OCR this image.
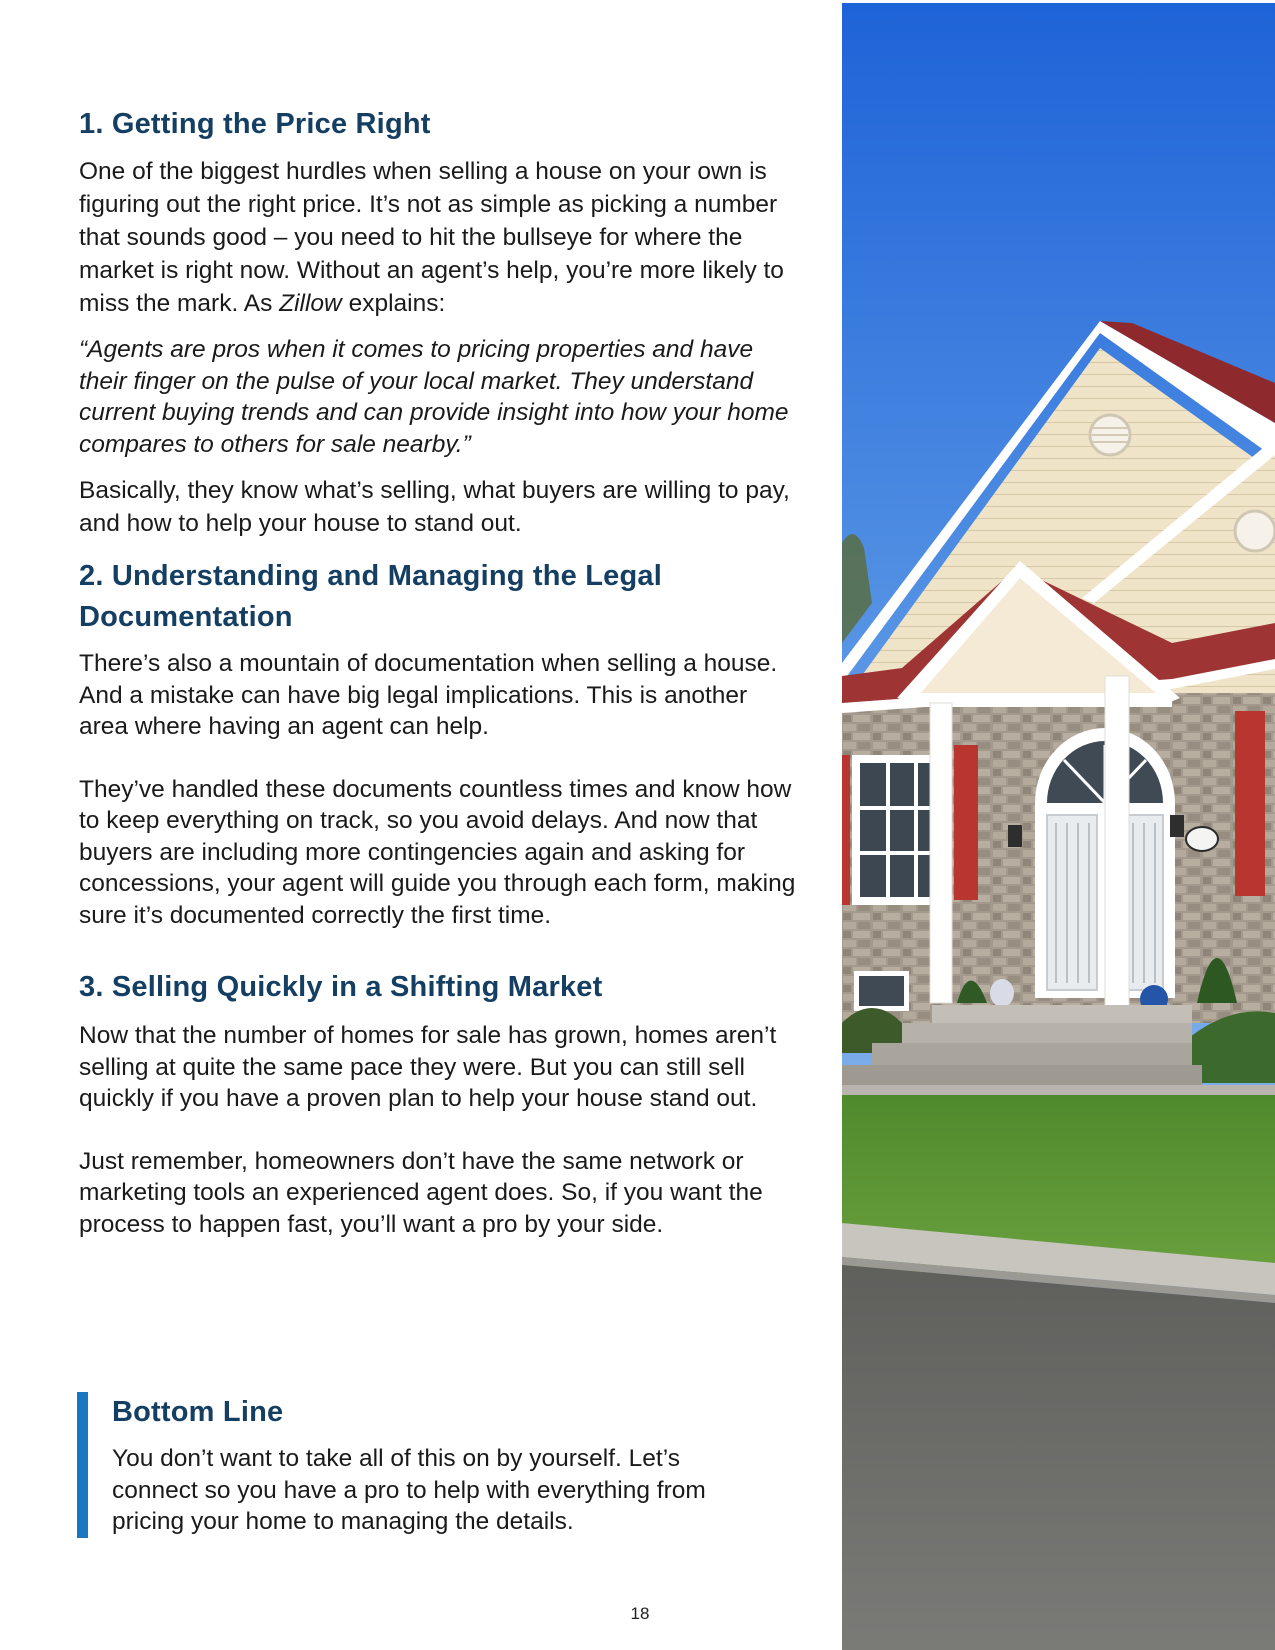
1. Getting the Price Right

One of the biggest hurdles when selling a house on your own is figuring out the right price. It’s not as simple as picking a number that sounds good – you need to hit the bullseye for where the market is right now. Without an agent’s help, you’re more likely to miss the mark. As Zillow explains:

“Agents are pros when it comes to pricing properties and have their finger on the pulse of your local market. They understand current buying trends and can provide insight into how your home compares to others for sale nearby.”

Basically, they know what’s selling, what buyers are willing to pay, and how to help your house to stand out.

2. Understanding and Managing the Legal Documentation

There’s also a mountain of documentation when selling a house. And a mistake can have big legal implications. This is another area where having an agent can help.

They’ve handled these documents countless times and know how to keep everything on track, so you avoid delays. And now that buyers are including more contingencies again and asking for concessions, your agent will guide you through each form, making sure it’s documented correctly the first time.

3. Selling Quickly in a Shifting Market

Now that the number of homes for sale has grown, homes aren’t selling at quite the same pace they were. But you can still sell quickly if you have a proven plan to help your house stand out.

Just remember, homeowners don’t have the same network or marketing tools an experienced agent does. So, if you want the process to happen fast, you’ll want a pro by your side.

Bottom Line

You don’t want to take all of this on by yourself. Let’s connect so you have a pro to help with everything from pricing your home to managing the details.

18
